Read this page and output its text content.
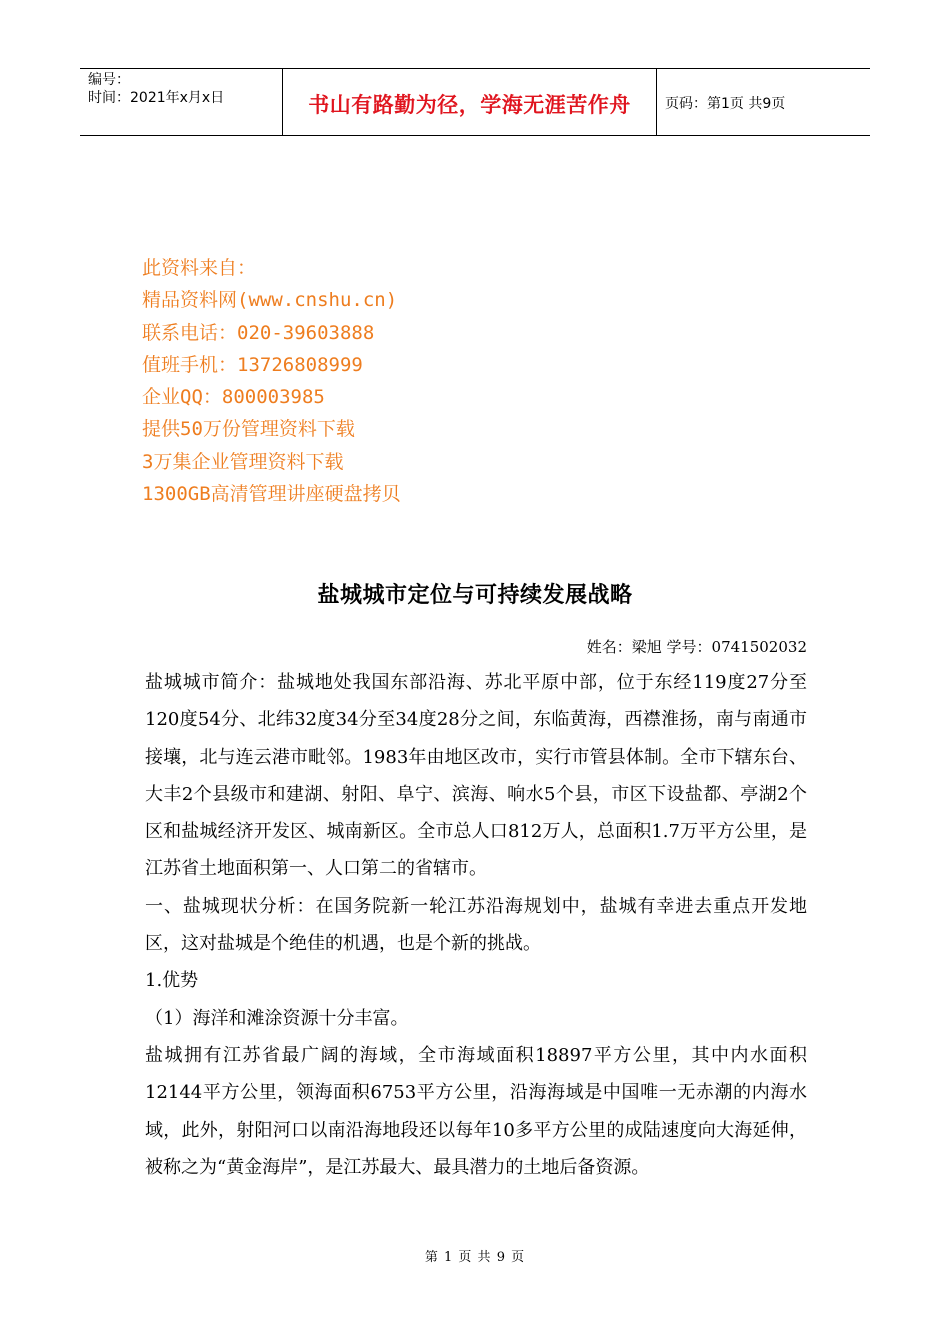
编号：
时间：2021年x月x日	书山有路勤为径，学海无涯苦作舟	页码：第1页 共9页
此资料来自：
精品资料网(www.cnshu.cn)
联系电话：020-39603888
值班手机：13726808999
企业QQ：800003985
提供50万份管理资料下载
3万集企业管理资料下载
1300GB高清管理讲座硬盘拷贝
盐城城市定位与可持续发展战略
姓名：梁旭 学号：0741502032

盐城城市简介：盐城地处我国东部沿海、苏北平原中部，位于东经119度27分至120度54分、北纬32度34分至34度28分之间，东临黄海，西襟淮扬，南与南通市接壤，北与连云港市毗邻。1983年由地区改市，实行市管县体制。全市下辖东台、大丰2个县级市和建湖、射阳、阜宁、滨海、响水5个县，市区下设盐都、亭湖2个区和盐城经济开发区、城南新区。全市总人口812万人，总面积1.7万平方公里，是江苏省土地面积第一、人口第二的省辖市。

一、盐城现状分析：在国务院新一轮江苏沿海规划中，盐城有幸进去重点开发地区，这对盐城是个绝佳的机遇，也是个新的挑战。

1.优势

（1）海洋和滩涂资源十分丰富。

盐城拥有江苏省最广阔的海域，全市海域面积18897平方公里，其中内水面积12144平方公里，领海面积6753平方公里，沿海海域是中国唯一无赤潮的内海水域，此外，射阳河口以南沿海地段还以每年10多平方公里的成陆速度向大海延伸，被称之为“黄金海岸”，是江苏最大、最具潜力的土地后备资源。

第 1 页 共 9 页
